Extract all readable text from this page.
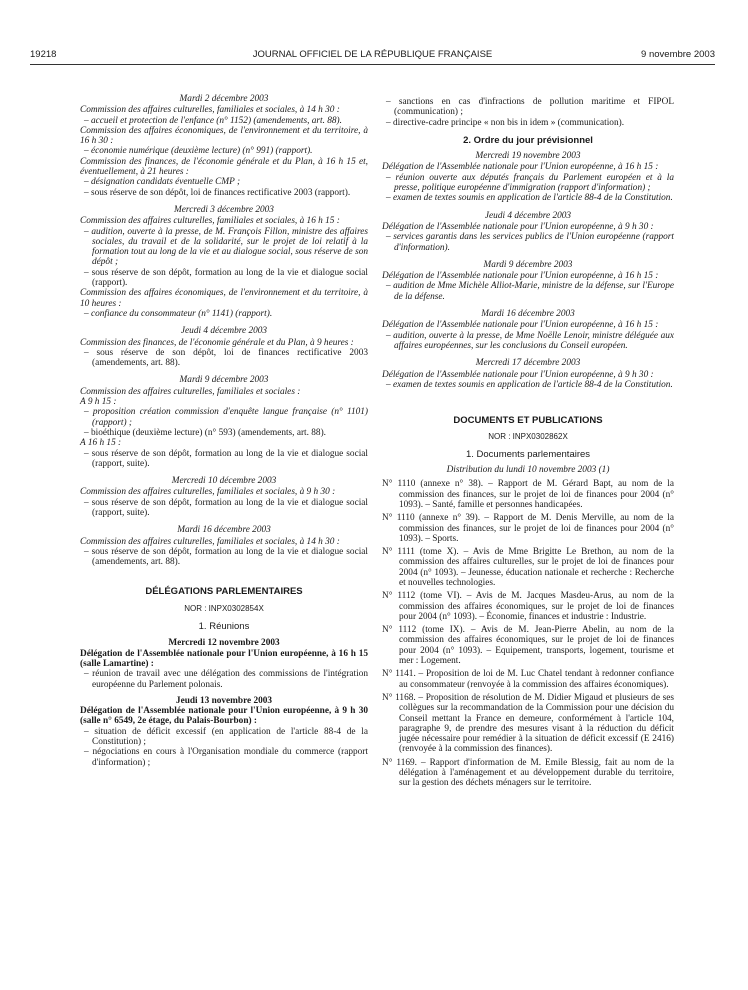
19218	JOURNAL OFFICIEL DE LA RÉPUBLIQUE FRANÇAISE	9 novembre 2003

Mardi 2 décembre 2003

Commission des affaires culturelles, familiales et sociales, à 14 h 30 :

– accueil et protection de l'enfance (n° 1152) (amendements, art. 88).

Commission des affaires économiques, de l'environnement et du territoire, à 16 h 30 :

– économie numérique (deuxième lecture) (n° 991) (rapport).

Commission des finances, de l'économie générale et du Plan, à 16 h 15 et, éventuellement, à 21 heures :

– désignation candidats éventuelle CMP ;

– sous réserve de son dépôt, loi de finances rectificative 2003 (rapport).

Mercredi 3 décembre 2003

Commission des affaires culturelles, familiales et sociales, à 16 h 15 :

– audition, ouverte à la presse, de M. François Fillon, ministre des affaires sociales, du travail et de la solidarité, sur le projet de loi relatif à la formation tout au long de la vie et au dialogue social, sous réserve de son dépôt ;

– sous réserve de son dépôt, formation au long de la vie et dialogue social (rapport).

Commission des affaires économiques, de l'environnement et du territoire, à 10 heures :

– confiance du consommateur (n° 1141) (rapport).

Jeudi 4 décembre 2003

Commission des finances, de l'économie générale et du Plan, à 9 heures :

– sous réserve de son dépôt, loi de finances rectificative 2003 (amendements, art. 88).

Mardi 9 décembre 2003

Commission des affaires culturelles, familiales et sociales :

A 9 h 15 :

– proposition création commission d'enquête langue française (n° 1101) (rapport) ;

– bioéthique (deuxième lecture) (n° 593) (amendements, art. 88).

A 16 h 15 :

– sous réserve de son dépôt, formation au long de la vie et dialogue social (rapport, suite).

Mercredi 10 décembre 2003

Commission des affaires culturelles, familiales et sociales, à 9 h 30 :

– sous réserve de son dépôt, formation au long de la vie et dialogue social (rapport, suite).

Mardi 16 décembre 2003

Commission des affaires culturelles, familiales et sociales, à 14 h 30 :

– sous réserve de son dépôt, formation au long de la vie et dialogue social (amendements, art. 88).

DÉLÉGATIONS PARLEMENTAIRES

NOR : INPX0302854X

1. Réunions

Mercredi 12 novembre 2003

Délégation de l'Assemblée nationale pour l'Union européenne, à 16 h 15 (salle Lamartine) :

– réunion de travail avec une délégation des commissions de l'intégration européenne du Parlement polonais.

Jeudi 13 novembre 2003

Délégation de l'Assemblée nationale pour l'Union européenne, à 9 h 30 (salle n° 6549, 2e étage, du Palais-Bourbon) :

– situation de déficit excessif (en application de l'article 88-4 de la Constitution) ;

– négociations en cours à l'Organisation mondiale du commerce (rapport d'information) ;

– sanctions en cas d'infractions de pollution maritime et FIPOL (communication) ;

– directive-cadre principe « non bis in idem » (communication).

2. Ordre du jour prévisionnel

Mercredi 19 novembre 2003

Délégation de l'Assemblée nationale pour l'Union européenne, à 16 h 15 :

– réunion ouverte aux députés français du Parlement européen et à la presse, politique européenne d'immigration (rapport d'information) ;

– examen de textes soumis en application de l'article 88-4 de la Constitution.

Jeudi 4 décembre 2003

Délégation de l'Assemblée nationale pour l'Union européenne, à 9 h 30 :

– services garantis dans les services publics de l'Union européenne (rapport d'information).

Mardi 9 décembre 2003

Délégation de l'Assemblée nationale pour l'Union européenne, à 16 h 15 :

– audition de Mme Michèle Alliot-Marie, ministre de la défense, sur l'Europe de la défense.

Mardi 16 décembre 2003

Délégation de l'Assemblée nationale pour l'Union européenne, à 16 h 15 :

– audition, ouverte à la presse, de Mme Noëlle Lenoir, ministre déléguée aux affaires européennes, sur les conclusions du Conseil européen.

Mercredi 17 décembre 2003

Délégation de l'Assemblée nationale pour l'Union européenne, à 9 h 30 :

– examen de textes soumis en application de l'article 88-4 de la Constitution.

DOCUMENTS ET PUBLICATIONS

NOR : INPX0302862X

1. Documents parlementaires

Distribution du lundi 10 novembre 2003 (1)

N° 1110 (annexe n° 38). – Rapport de M. Gérard Bapt, au nom de la commission des finances, sur le projet de loi de finances pour 2004 (n° 1093). – Santé, famille et personnes handicapées.

N° 1110 (annexe n° 39). – Rapport de M. Denis Merville, au nom de la commission des finances, sur le projet de loi de finances pour 2004 (n° 1093). – Sports.

N° 1111 (tome X). – Avis de Mme Brigitte Le Brethon, au nom de la commission des affaires culturelles, sur le projet de loi de finances pour 2004 (n° 1093). – Jeunesse, éducation nationale et recherche : Recherche et nouvelles technologies.

N° 1112 (tome VI). – Avis de M. Jacques Masdeu-Arus, au nom de la commission des affaires économiques, sur le projet de loi de finances pour 2004 (n° 1093). – Économie, finances et industrie : Industrie.

N° 1112 (tome IX). – Avis de M. Jean-Pierre Abelin, au nom de la commission des affaires économiques, sur le projet de loi de finances pour 2004 (n° 1093). – Equipement, transports, logement, tourisme et mer : Logement.

N° 1141. – Proposition de loi de M. Luc Chatel tendant à redonner confiance au consommateur (renvoyée à la commission des affaires économiques).

N° 1168. – Proposition de résolution de M. Didier Migaud et plusieurs de ses collègues sur la recommandation de la Commission pour une décision du Conseil mettant la France en demeure, conformément à l'article 104, paragraphe 9, de prendre des mesures visant à la réduction du déficit jugée nécessaire pour remédier à la situation de déficit excessif (E 2416) (renvoyée à la commission des finances).

N° 1169. – Rapport d'information de M. Emile Blessig, fait au nom de la délégation à l'aménagement et au développement durable du territoire, sur la gestion des déchets ménagers sur le territoire.
